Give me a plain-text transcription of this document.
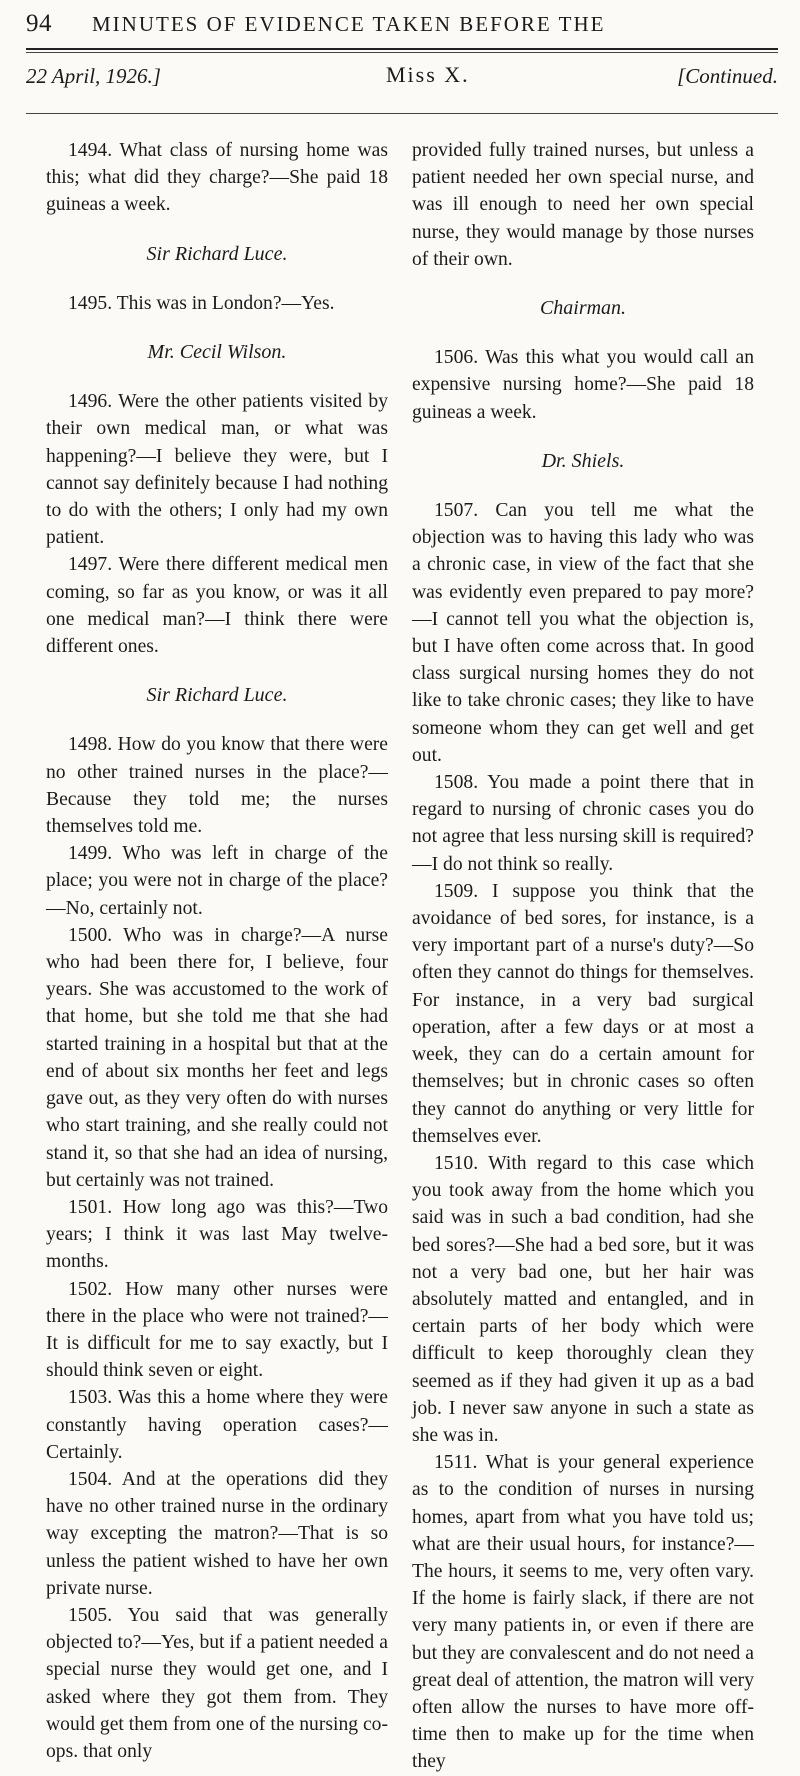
94	MINUTES OF EVIDENCE TAKEN BEFORE THE
22 April, 1926.]	Miss X.	[Continued.

1494. What class of nursing home was this; what did they charge?—She paid 18 guineas a week.

Sir Richard Luce.

1495. This was in London?—Yes.

Mr. Cecil Wilson.

1496. Were the other patients visited by their own medical man, or what was happening?—I believe they were, but I cannot say definitely because I had nothing to do with the others; I only had my own patient.

1497. Were there different medical men coming, so far as you know, or was it all one medical man?—I think there were different ones.

Sir Richard Luce.

1498. How do you know that there were no other trained nurses in the place?—Because they told me; the nurses themselves told me.

1499. Who was left in charge of the place; you were not in charge of the place?—No, certainly not.

1500. Who was in charge?—A nurse who had been there for, I believe, four years. She was accustomed to the work of that home, but she told me that she had started training in a hospital but that at the end of about six months her feet and legs gave out, as they very often do with nurses who start training, and she really could not stand it, so that she had an idea of nursing, but certainly was not trained.

1501. How long ago was this?—Two years; I think it was last May twelve-months.

1502. How many other nurses were there in the place who were not trained?—It is difficult for me to say exactly, but I should think seven or eight.

1503. Was this a home where they were constantly having operation cases?—Certainly.

1504. And at the operations did they have no other trained nurse in the ordinary way excepting the matron?—That is so unless the patient wished to have her own private nurse.

1505. You said that was generally objected to?—Yes, but if a patient needed a special nurse they would get one, and I asked where they got them from. They would get them from one of the nursing co-ops. that only

provided fully trained nurses, but unless a patient needed her own special nurse, and was ill enough to need her own special nurse, they would manage by those nurses of their own.

Chairman.

1506. Was this what you would call an expensive nursing home?—She paid 18 guineas a week.

Dr. Shiels.

1507. Can you tell me what the objection was to having this lady who was a chronic case, in view of the fact that she was evidently even prepared to pay more?—I cannot tell you what the objection is, but I have often come across that. In good class surgical nursing homes they do not like to take chronic cases; they like to have someone whom they can get well and get out.

1508. You made a point there that in regard to nursing of chronic cases you do not agree that less nursing skill is required?—I do not think so really.

1509. I suppose you think that the avoidance of bed sores, for instance, is a very important part of a nurse's duty?—So often they cannot do things for themselves. For instance, in a very bad surgical operation, after a few days or at most a week, they can do a certain amount for themselves; but in chronic cases so often they cannot do anything or very little for themselves ever.

1510. With regard to this case which you took away from the home which you said was in such a bad condition, had she bed sores?—She had a bed sore, but it was not a very bad one, but her hair was absolutely matted and entangled, and in certain parts of her body which were difficult to keep thoroughly clean they seemed as if they had given it up as a bad job. I never saw anyone in such a state as she was in.

1511. What is your general experience as to the condition of nurses in nursing homes, apart from what you have told us; what are their usual hours, for instance?—The hours, it seems to me, very often vary. If the home is fairly slack, if there are not very many patients in, or even if there are but they are convalescent and do not need a great deal of attention, the matron will very often allow the nurses to have more off-time then to make up for the time when they
